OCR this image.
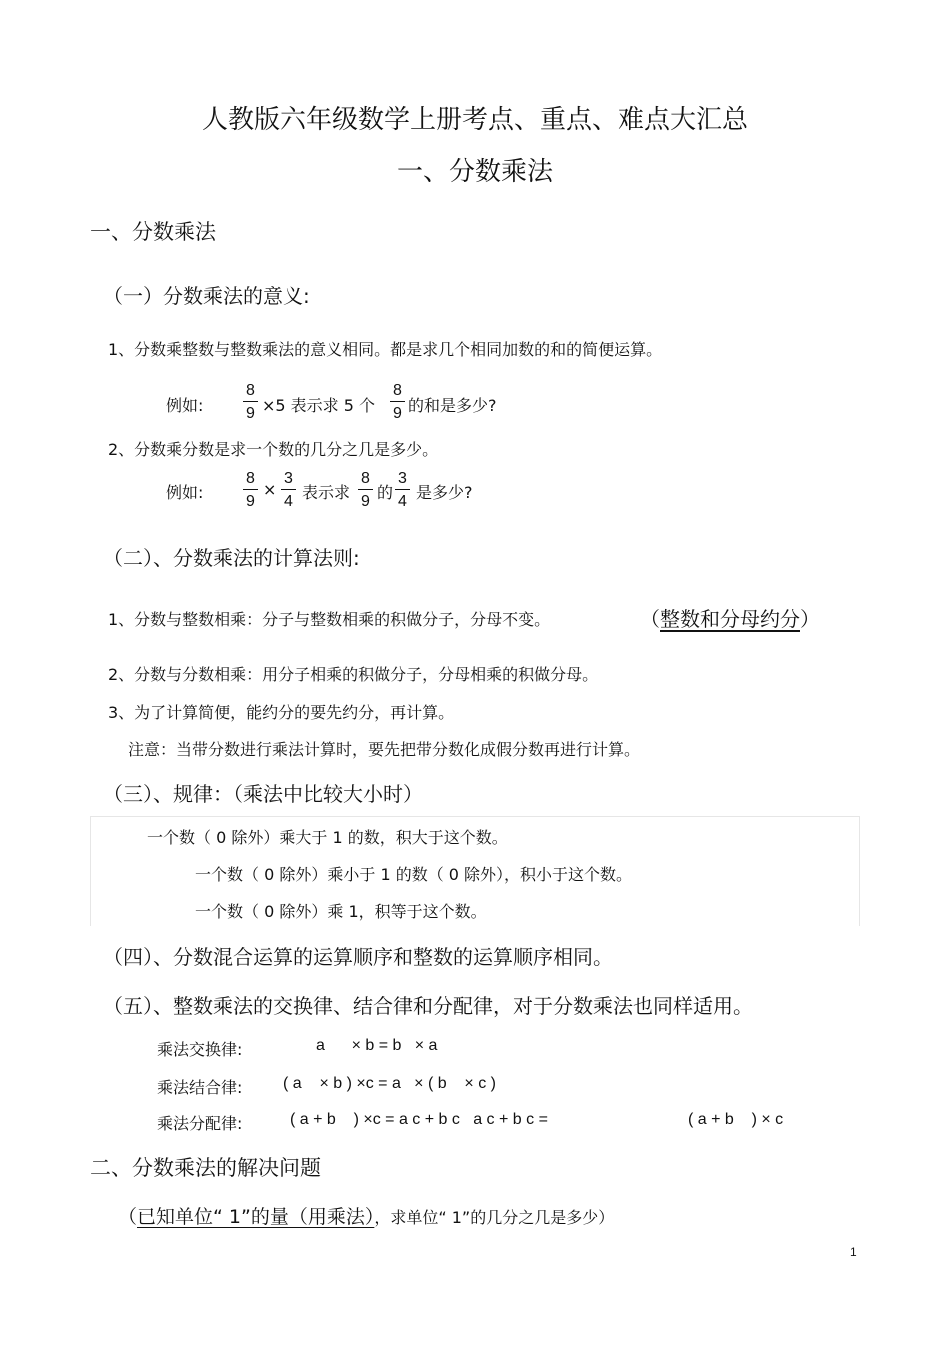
人教版六年级数学上册考点、重点、难点大汇总
一、分数乘法
一、分数乘法
（一）分数乘法的意义:
1、分数乘整数与整数乘法的意义相同。都是求几个相同加数的和的简便运算。
例如: $\frac{8}{9} \times 5$ 表示求 5 个 $\frac{8}{9}$ 的和是多少?
2、分数乘分数是求一个数的几分之几是多少。
例如: $\frac{8}{9} \times \frac{3}{4}$ 表示求 $\frac{8}{9}$ 的 $\frac{3}{4}$ 是多少?
（二）、分数乘法的计算法则:
1、分数与整数相乘：分子与整数相乘的积做分子，分母不变。	（整数和分母约分）
2、分数与分数相乘：用分子相乘的积做分子，分母相乘的积做分母。
3、为了计算简便，能约分的要先约分，再计算。
注意：当带分数进行乘法计算时，要先把带分数化成假分数再进行计算。
（三）、规律：（乘法中比较大小时）
一个数（ 0 除外）乘大于 1 的数，积大于这个数。
一个数（ 0 除外）乘小于 1 的数（ 0 除外），积小于这个数。
一个数（ 0 除外）乘 1，积等于这个数。
（四）、分数混合运算的运算顺序和整数的运算顺序相同。
（五）、整数乘法的交换律、结合律和分配律，对于分数乘法也同样适用。
乘法交换律:	a      × b = b   × a
乘法结合律:	( a    × b ) ×c = a   × ( b    × c )
乘法分配律:	( a + b    ) ×c = a c + b c   a c + b c =	( a + b    ) × c
二、分数乘法的解决问题
（已知单位“ 1”的量（用乘法），求单位“ 1”的几分之几是多少）
1
